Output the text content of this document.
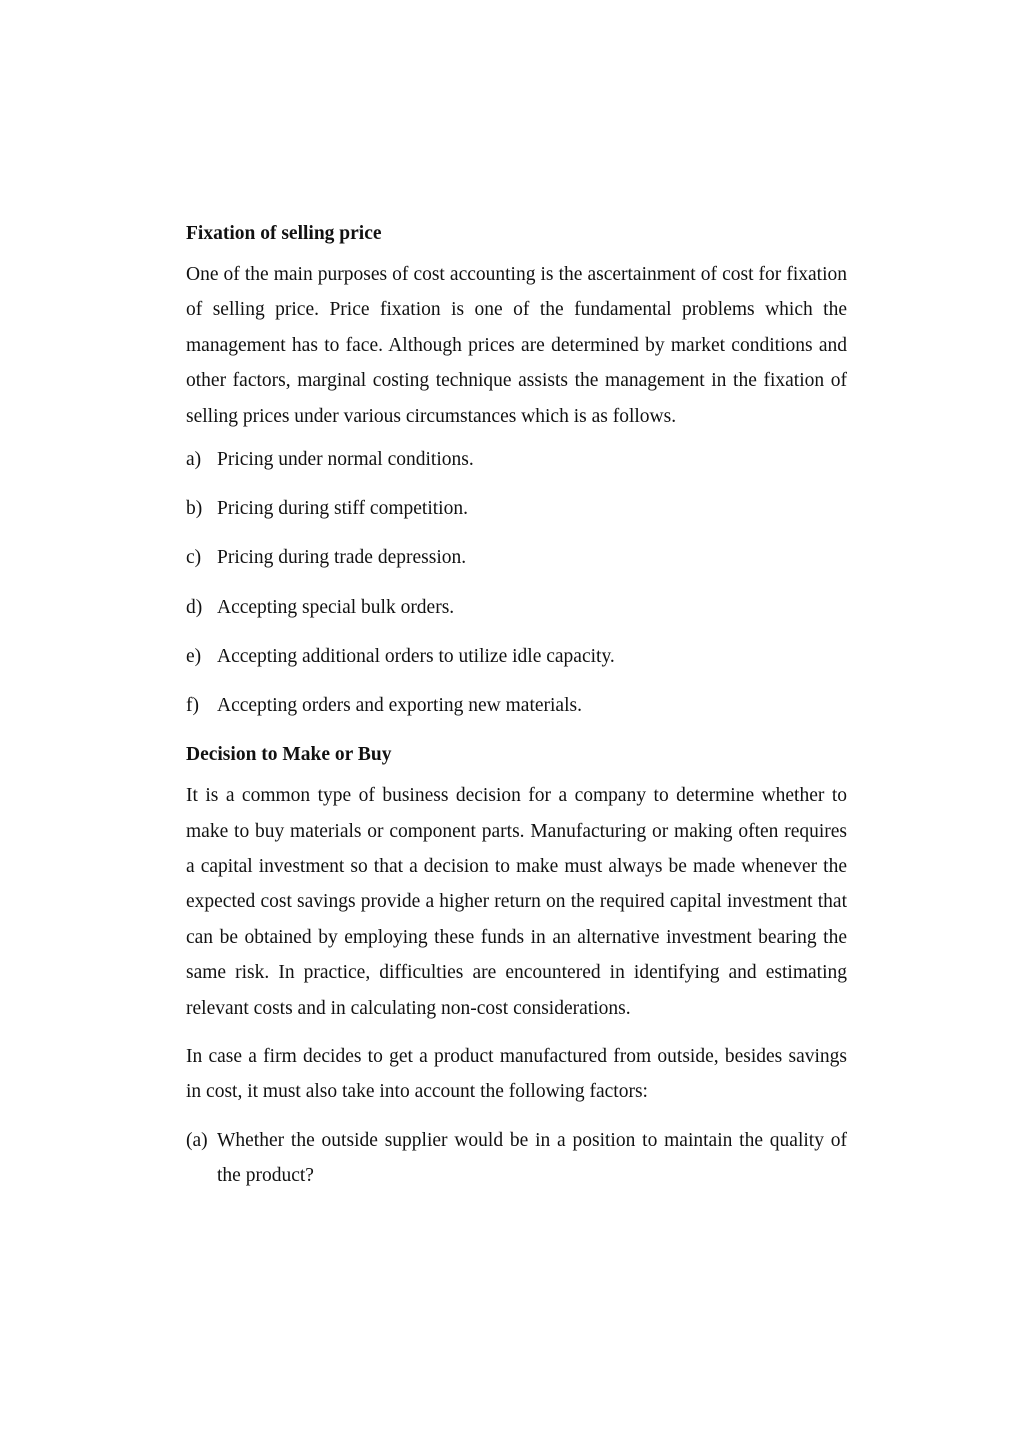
Fixation of selling price

One of the main purposes of cost accounting is the ascertainment of cost for fixation of selling price. Price fixation is one of the fundamental problems which the management has to face. Although prices are determined by market conditions and other factors, marginal costing technique assists the management in the fixation of selling prices under various circumstances which is as follows.

a) Pricing under normal conditions.
b) Pricing during stiff competition.
c) Pricing during trade depression.
d) Accepting special bulk orders.
e) Accepting additional orders to utilize idle capacity.
f) Accepting orders and exporting new materials.
Decision to Make or Buy

It is a common type of business decision for a company to determine whether to make to buy materials or component parts. Manufacturing or making often requires a capital investment so that a decision to make must always be made whenever the expected cost savings provide a higher return on the required capital investment that can be obtained by employing these funds in an alternative investment bearing the same risk. In practice, difficulties are encountered in identifying and estimating relevant costs and in calculating non-cost considerations.

In case a firm decides to get a product manufactured from outside, besides savings in cost, it must also take into account the following factors:

(a) Whether the outside supplier would be in a position to maintain the quality of the product?
